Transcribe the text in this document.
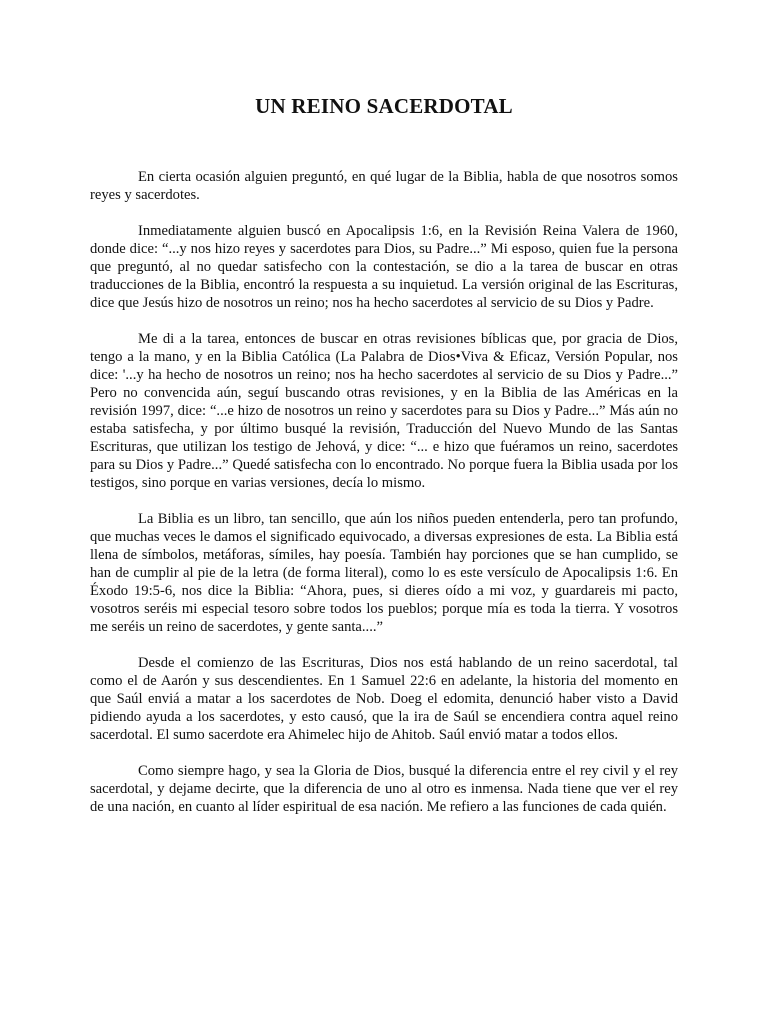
UN REINO SACERDOTAL

En cierta ocasión alguien preguntó, en qué lugar de la Biblia, habla de que nosotros somos reyes y sacerdotes.

Inmediatamente alguien buscó en Apocalipsis 1:6, en la Revisión Reina Valera de 1960, donde dice: “...y nos hizo reyes y sacerdotes para Dios, su Padre...” Mi esposo, quien fue la persona que preguntó, al no quedar satisfecho con la contestación, se dio a la tarea de buscar en otras traducciones de la Biblia, encontró la respuesta a su inquietud. La versión original de las Escrituras, dice que Jesús hizo de nosotros un reino; nos ha hecho sacerdotes al servicio de su Dios y Padre.

Me di a la tarea, entonces de buscar en otras revisiones bíblicas que, por gracia de Dios, tengo a la mano, y en la Biblia Católica (La Palabra de Dios•Viva & Eficaz, Versión Popular, nos dice: '...y ha hecho de nosotros un reino; nos ha hecho sacerdotes al servicio de su Dios y Padre...” Pero no convencida aún, seguí buscando otras revisiones, y en la Biblia de las Américas en la revisión 1997, dice: “...e hizo de nosotros un reino y sacerdotes para su Dios y Padre...” Más aún no estaba satisfecha, y por último busqué la revisión, Traducción del Nuevo Mundo de las Santas Escrituras, que utilizan los testigo de Jehová, y dice: “... e hizo que fuéramos un reino, sacerdotes para su Dios y Padre...” Quedé satisfecha con lo encontrado. No porque fuera la Biblia usada por los testigos, sino porque en varias versiones, decía lo mismo.

La Biblia es un libro, tan sencillo, que aún los niños pueden entenderla, pero tan profundo, que muchas veces le damos el significado equivocado, a diversas expresiones de esta. La Biblia está llena de símbolos, metáforas, símiles, hay poesía. También hay porciones que se han cumplido, se han de cumplir al pie de la letra (de forma literal), como lo es este versículo de Apocalipsis 1:6. En Éxodo 19:5-6, nos dice la Biblia: “Ahora, pues, si dieres oído a mi voz, y guardareis mi pacto, vosotros seréis mi especial tesoro sobre todos los pueblos; porque mía es toda la tierra. Y vosotros me seréis un reino de sacerdotes, y gente santa....”

Desde el comienzo de las Escrituras, Dios nos está hablando de un reino sacerdotal, tal como el de Aarón y sus descendientes. En 1 Samuel 22:6 en adelante, la historia del momento en que Saúl enviá a matar a los sacerdotes de Nob. Doeg el edomita, denunció haber visto a David pidiendo ayuda a los sacerdotes, y esto causó, que la ira de Saúl se encendiera contra aquel reino sacerdotal. El sumo sacerdote era Ahimelec hijo de Ahitob. Saúl envió matar a todos ellos.

Como siempre hago, y sea la Gloria de Dios, busqué la diferencia entre el rey civil y el rey sacerdotal, y dejame decirte, que la diferencia de uno al otro es inmensa. Nada tiene que ver el rey de una nación, en cuanto al líder espiritual de esa nación. Me refiero a las funciones de cada quién.
